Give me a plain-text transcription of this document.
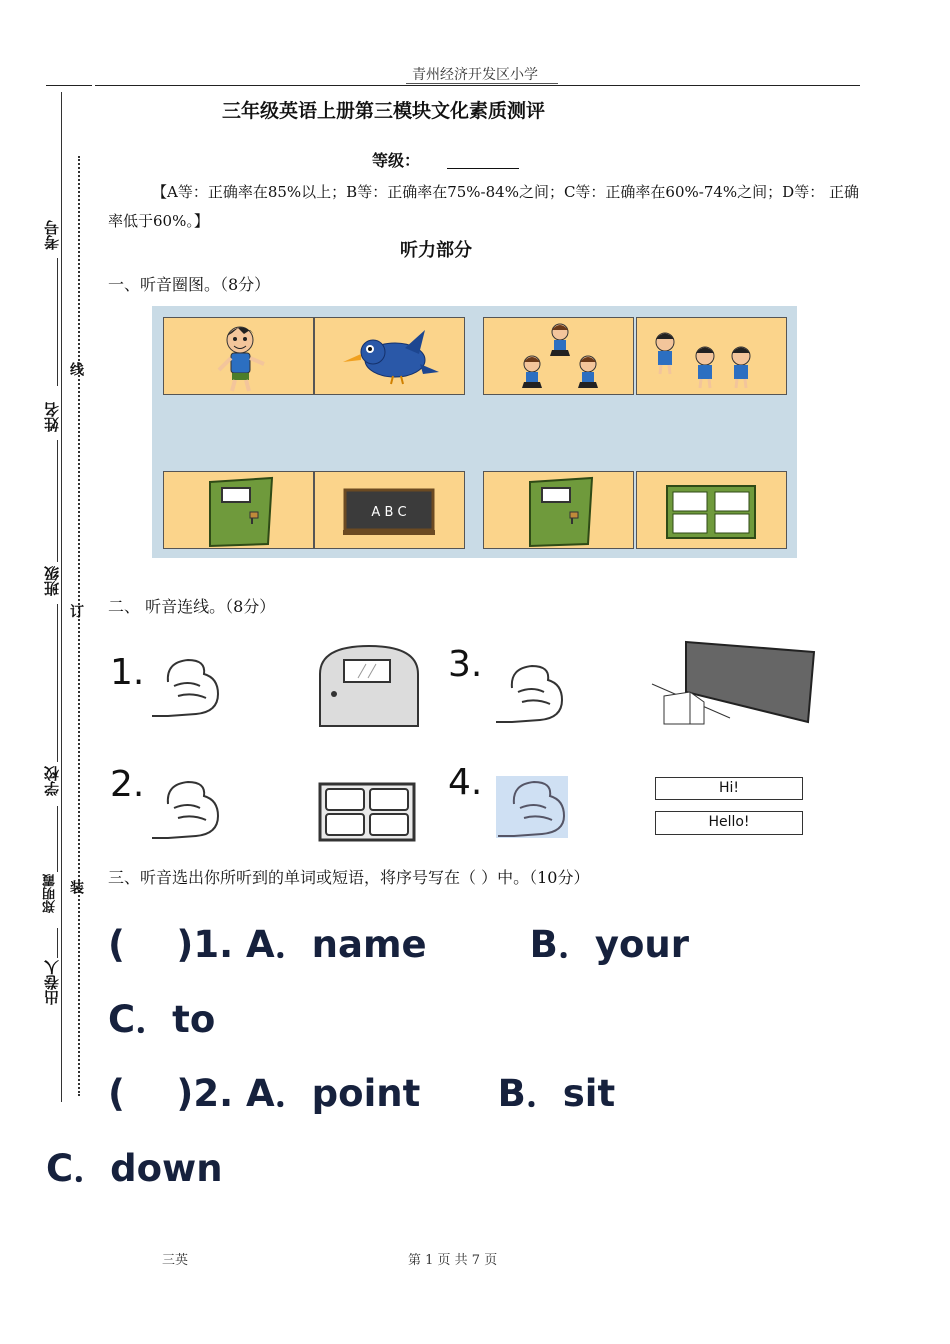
青州经济开发区小学
考号
姓名
班级
学校
郑明霞
出卷人
线
订
装
三年级英语上册第三模块文化素质测评
等级：
【A等：正确率在85%以上；B等：正确率在75%-84%之间；C等：正确率在60%-74%之间；D等： 正确率低于60%。】
听力部分
一、听音圈图。（8分）
A B C
二、 听音连线。（8分）
1.
2.
3.
4.	Hi!
Hello!
三、听音选出你所听到的单词或短语，将序号写在（ ）中。（10分）
(    )1. A．name        B．your
C．to
(    )2. A．point      B．sit
C．down
三英	第 1 页 共 7 页
